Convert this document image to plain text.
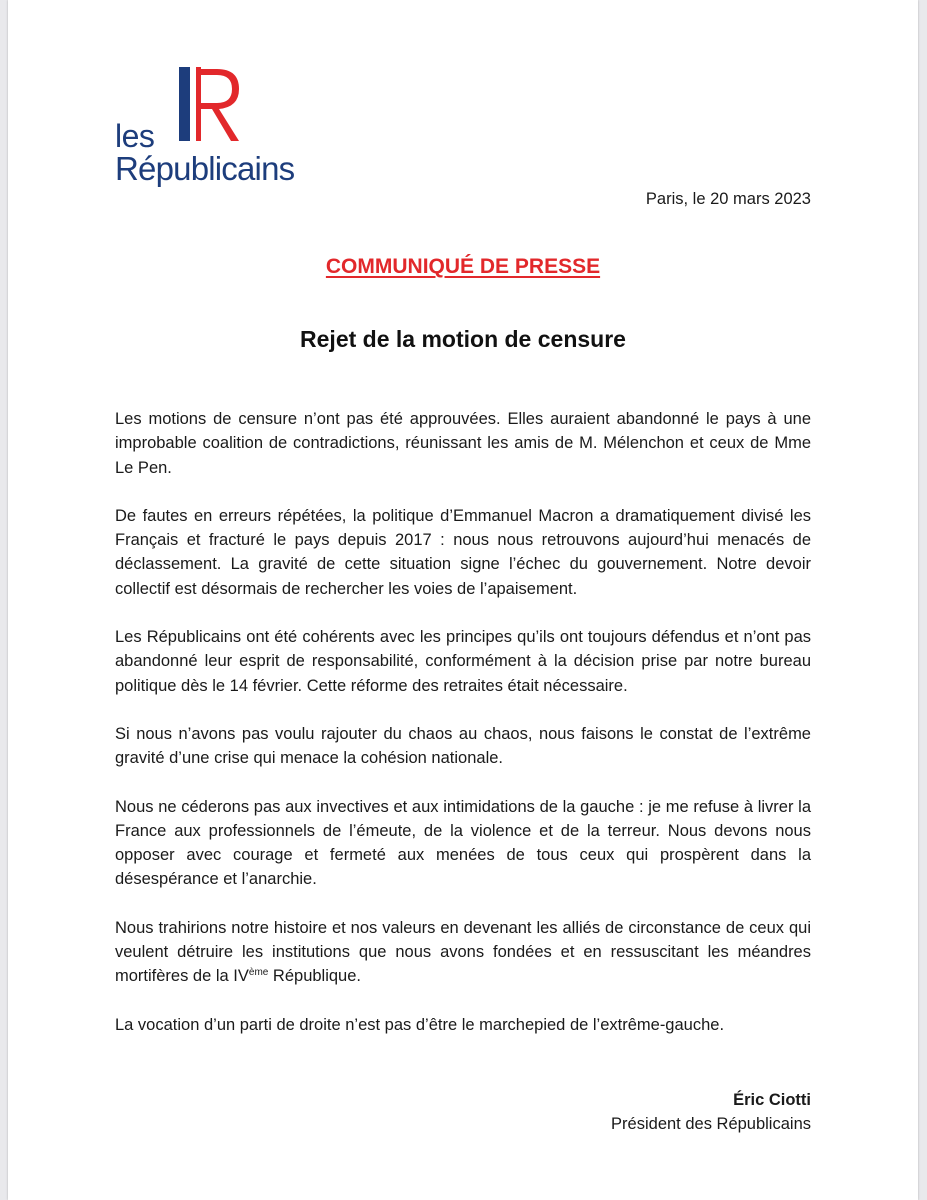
les
Républicains
Paris, le 20 mars 2023
COMMUNIQUÉ DE PRESSE
Rejet de la motion de censure

Les motions de censure n’ont pas été approuvées. Elles auraient abandonné le pays à une improbable coalition de contradictions, réunissant les amis de M. Mélenchon et ceux de Mme Le Pen.

De fautes en erreurs répétées, la politique d’Emmanuel Macron a dramatiquement divisé les Français et fracturé le pays depuis 2017 : nous nous retrouvons aujourd’hui menacés de déclassement. La gravité de cette situation signe l’échec du gouvernement. Notre devoir collectif est désormais de rechercher les voies de l’apaisement.

Les Républicains ont été cohérents avec les principes qu’ils ont toujours défendus et n’ont pas abandonné leur esprit de responsabilité, conformément à la décision prise par notre bureau politique dès le 14 février. Cette réforme des retraites était nécessaire.

Si nous n’avons pas voulu rajouter du chaos au chaos, nous faisons le constat de l’extrême gravité d’une crise qui menace la cohésion nationale.

Nous ne céderons pas aux invectives et aux intimidations de la gauche : je me refuse à livrer la France aux professionnels de l’émeute, de la violence et de la terreur. Nous devons nous opposer avec courage et fermeté aux menées de tous ceux qui prospèrent dans la désespérance et l’anarchie.

Nous trahirions notre histoire et nos valeurs en devenant les alliés de circonstance de ceux qui veulent détruire les institutions que nous avons fondées et en ressuscitant les méandres mortifères de la IVème République.

La vocation d’un parti de droite n’est pas d’être le marchepied de l’extrême-gauche.

Éric Ciotti
Président des Républicains
